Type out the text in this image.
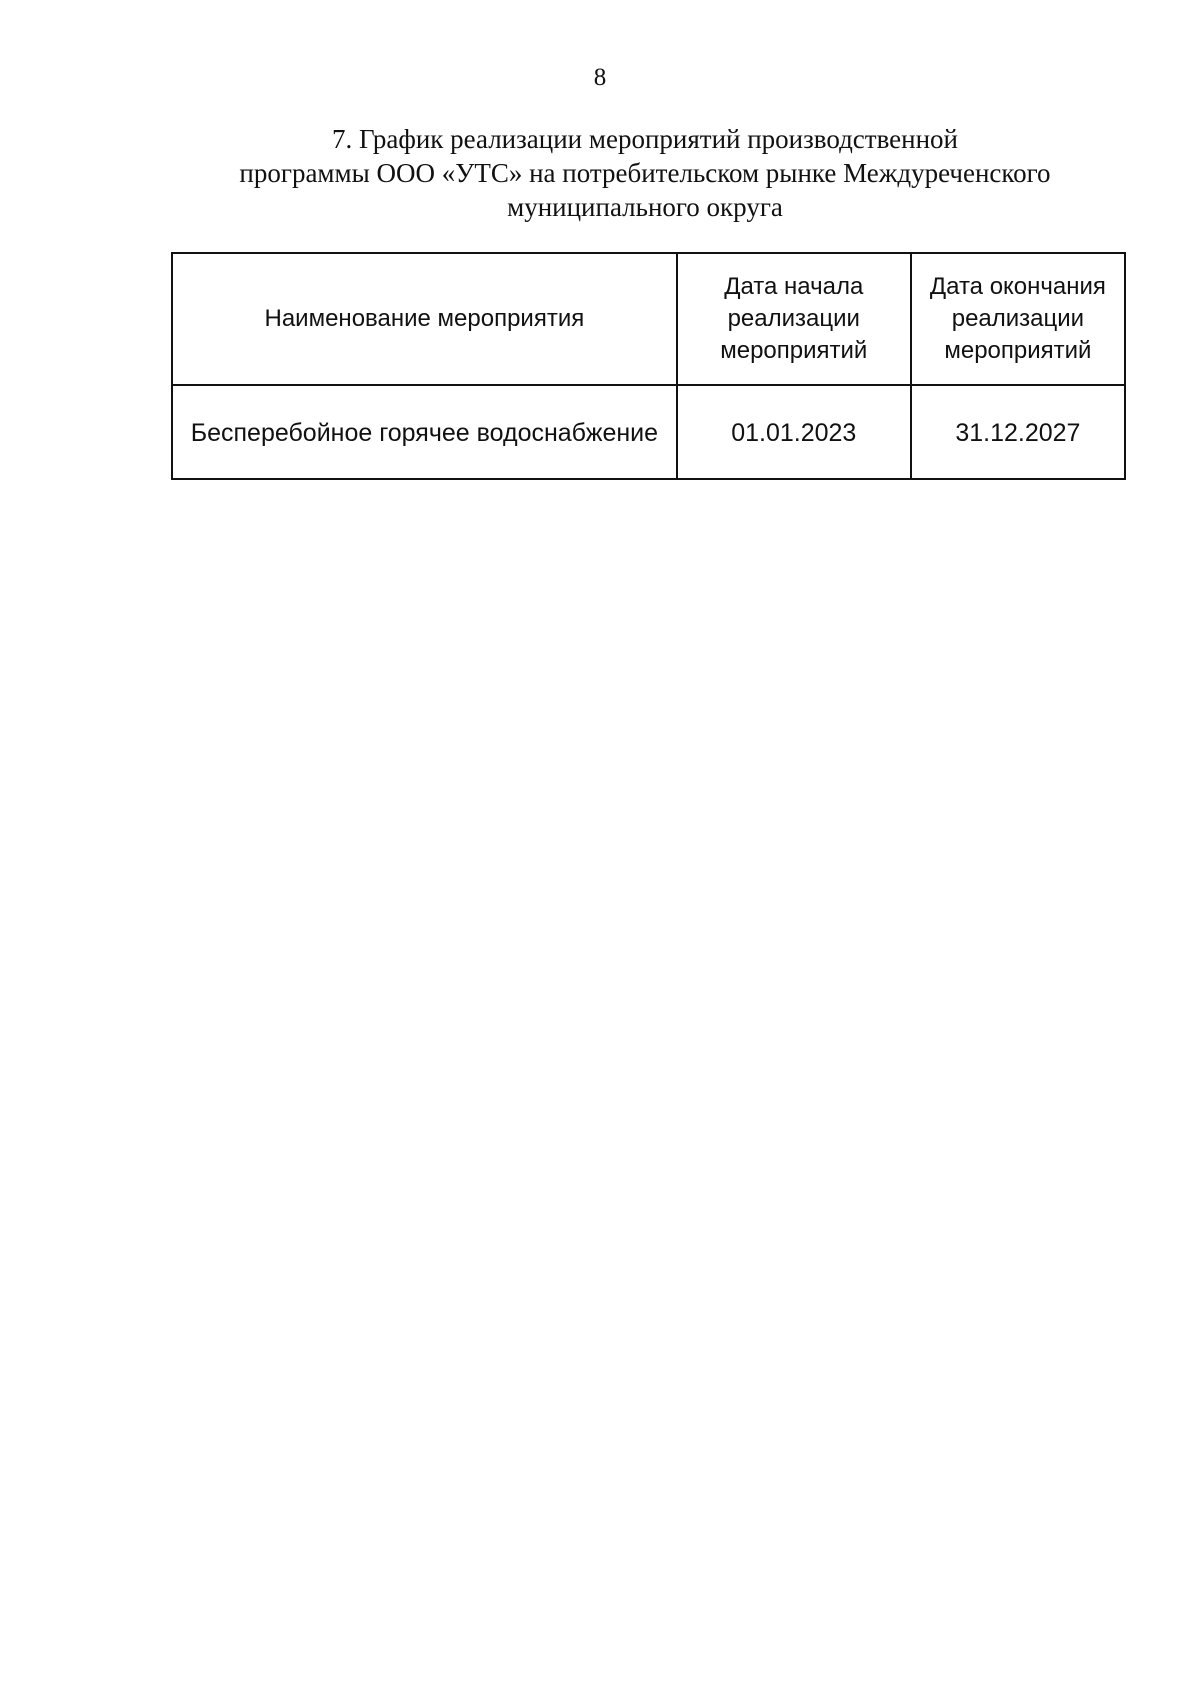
8
7. График реализации мероприятий производственной
программы ООО «УТС» на потребительском рынке Междуреченского
муниципального округа
Наименование мероприятия	Дата начала реализации мероприятий	Дата окончания реализации мероприятий

Бесперебойное горячее водоснабжение	01.01.2023	31.12.2027
